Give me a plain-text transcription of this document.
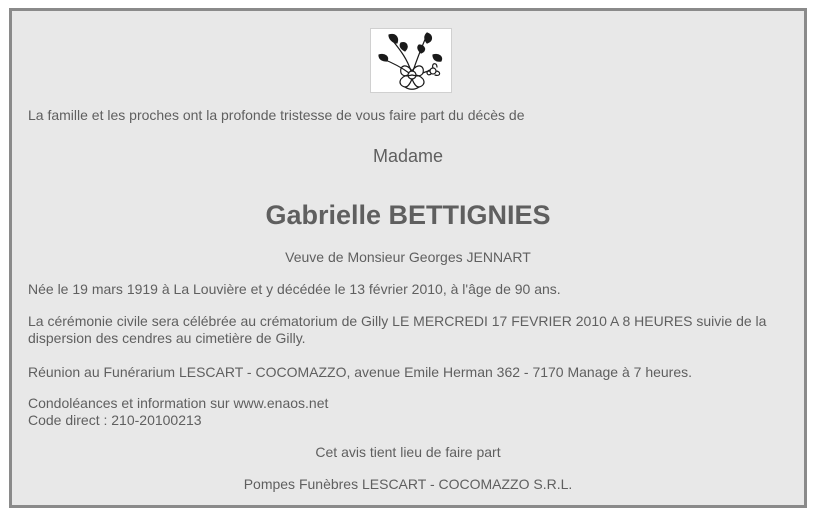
La famille et les proches ont la profonde tristesse de vous faire part du décès de

Madame

Gabrielle BETTIGNIES

Veuve de Monsieur Georges JENNART

Née le 19 mars 1919 à La Louvière et y décédée le 13 février 2010, à l'âge de 90 ans.

La cérémonie civile sera célébrée au crématorium de Gilly LE MERCREDI 17 FEVRIER 2010 A 8 HEURES suivie de la dispersion des cendres au cimetière de Gilly.

Réunion au Funérarium LESCART - COCOMAZZO, avenue Emile Herman 362 - 7170 Manage à 7 heures.

Condoléances et information sur www.enaos.net

Code direct : 210-20100213

Cet avis tient lieu de faire part

Pompes Funèbres LESCART - COCOMAZZO S.R.L.
